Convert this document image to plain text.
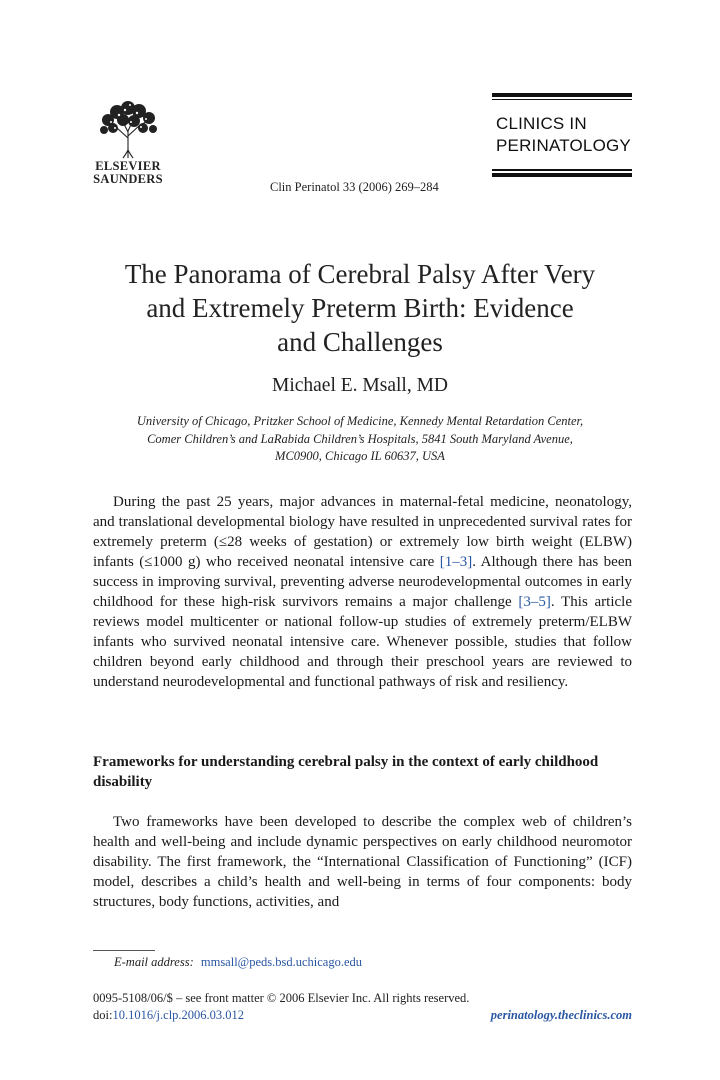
ELSEVIER
SAUNDERS
Clin Perinatol 33 (2006) 269–284
CLINICS IN
PERINATOLOGY
The Panorama of Cerebral Palsy After Very
and Extremely Preterm Birth: Evidence
and Challenges
Michael E. Msall, MD
University of Chicago, Pritzker School of Medicine, Kennedy Mental Retardation Center,
Comer Children’s and LaRabida Children’s Hospitals, 5841 South Maryland Avenue,
MC0900, Chicago IL 60637, USA

During the past 25 years, major advances in maternal-fetal medicine, neonatology, and translational developmental biology have resulted in unprecedented survival rates for extremely preterm (≤28 weeks of gestation) or extremely low birth weight (ELBW) infants (≤1000 g) who received neonatal intensive care [1–3]. Although there has been success in improving survival, preventing adverse neurodevelopmental outcomes in early childhood for these high-risk survivors remains a major challenge [3–5]. This article reviews model multicenter or national follow-up studies of extremely preterm/ELBW infants who survived neonatal intensive care. Whenever possible, studies that follow children beyond early childhood and through their preschool years are reviewed to understand neurodevelopmental and functional pathways of risk and resiliency.

Frameworks for understanding cerebral palsy in the context of early childhood disability

Two frameworks have been developed to describe the complex web of children’s health and well-being and include dynamic perspectives on early childhood neuromotor disability. The first framework, the “International Classification of Functioning” (ICF) model, describes a child’s health and well-being in terms of four components: body structures, body functions, activities, and

E-mail address: mmsall@peds.bsd.uchicago.edu
0095-5108/06/$ – see front matter © 2006 Elsevier Inc. All rights reserved.
doi:10.1016/j.clp.2006.03.012	perinatology.theclinics.com
